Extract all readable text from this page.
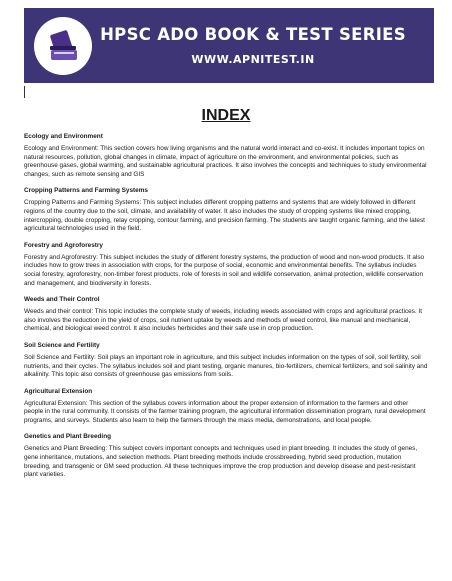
HPSC ADO BOOK & TEST SERIES
WWW.APNITEST.IN
INDEX
Ecology and Environment
Ecology and Environment: This section covers how living organisms and the natural world interact and co-exist. It includes important topics on natural resources, pollution, global changes in climate, impact of agriculture on the environment, and environmental policies, such as greenhouse gases, global warming, and sustainable agricultural practices. It also involves the concepts and techniques to study environmental changes, such as remote sensing and GIS
Cropping Patterns and Farming Systems
Cropping Patterns and Farming Systems: This subject includes different cropping patterns and systems that are widely followed in different regions of the country due to the soil, climate, and availability of water. It also includes the study of cropping systems like mixed cropping, intercropping, double cropping, relay cropping, contour farming, and precision farming. The students are taught organic farming, and the latest agricultural technologies used in the field.
Forestry and Agroforestry
Forestry and Agroforestry: This subject includes the study of different forestry systems, the production of wood and non-wood products. It also includes how to grow trees in association with crops, for the purpose of social, economic and environmental benefits. The syllabus includes social forestry, agroforestry, non-timber forest products, role of forests in soil and wildlife conservation, animal protection, wildlife conservation and management, and biodiversity in forests.
Weeds and Their Control
Weeds and their control: This topic includes the complete study of weeds, including weeds associated with crops and agricultural practices. It also involves the reduction in the yield of crops, soil nutrient uptake by weeds and methods of weed control, like manual and mechanical, chemical, and biological weed control. It also includes herbicides and their safe use in crop production.
Soil Science and Fertility
Soil Science and Fertility: Soil plays an important role in agriculture, and this subject includes information on the types of soil, soil fertility, soil nutrients, and their cycles. The syllabus includes soil and plant testing, organic manures, bio-fertilizers, chemical fertilizers, and soil salinity and alkalinity. This topic also consists of greenhouse gas emissions from soils.
Agricultural Extension
Agricultural Extension: This section of the syllabus covers information about the proper extension of information to the farmers and other people in the rural community. It consists of the farmer training program, the agricultural information dissemination program, rural development programs, and surveys. Students also learn to help the farmers through the mass media, demonstrations, and local people.
Genetics and Plant Breeding
Genetics and Plant Breeding: This subject covers important concepts and techniques used in plant breeding. It includes the study of genes, gene inheritance, mutations, and selection methods. Plant breeding methods include crossbreeding, hybrid seed production, mutation breeding, and transgenic or GM seed production. All these techniques improve the crop production and develop disease and pest-resistant plant varieties.
